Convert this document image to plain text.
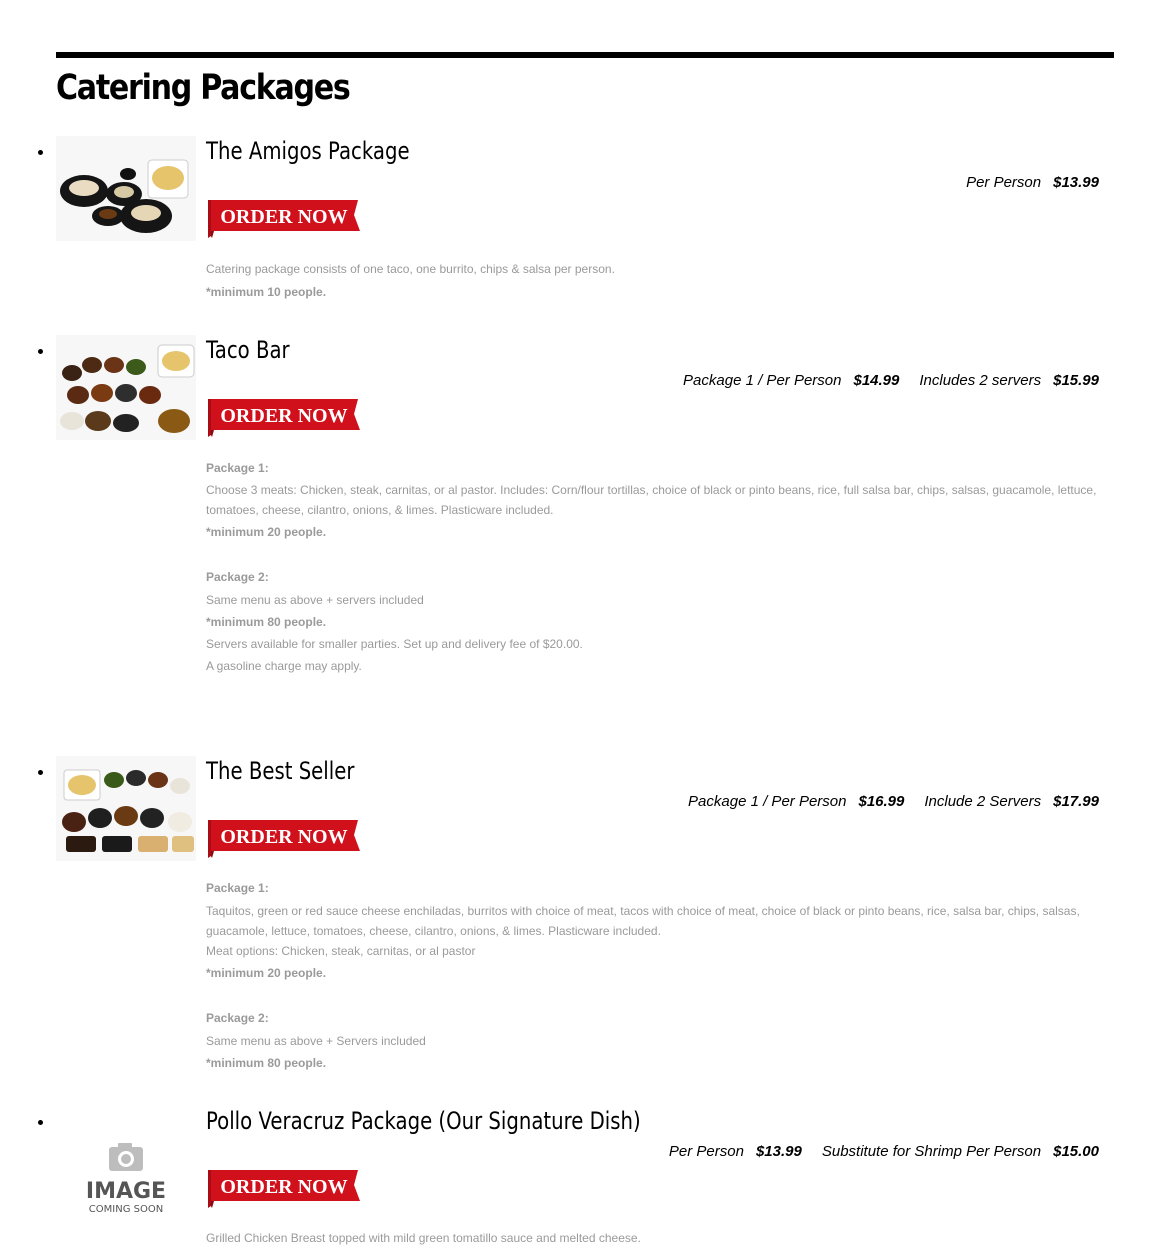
Catering Packages
The Amigos Package
Per Person $13.99
ORDER NOW

Catering package consists of one taco, one burrito, chips & salsa per person.

*minimum 10 people.

Taco Bar
Package 1 / Per Person $14.99 Includes 2 servers $15.99
ORDER NOW

Package 1:

Choose 3 meats: Chicken, steak, carnitas, or al pastor. Includes: Corn/flour tortillas, choice of black or pinto beans, rice, full salsa bar, chips, salsas, guacamole, lettuce, tomatoes, cheese, cilantro, onions, & limes. Plasticware included.

*minimum 20 people.

Package 2:

Same menu as above + servers included

*minimum 80 people.

Servers available for smaller parties. Set up and delivery fee of $20.00.

A gasoline charge may apply.

The Best Seller
Package 1 / Per Person $16.99 Include 2 Servers $17.99
ORDER NOW

Package 1:

Taquitos, green or red sauce cheese enchiladas, burritos with choice of meat, tacos with choice of meat, choice of black or pinto beans, rice, salsa bar, chips, salsas, guacamole, lettuce, tomatoes, cheese, cilantro, onions, & limes. Plasticware included.

Meat options: Chicken, steak, carnitas, or al pastor

*minimum 20 people.

Package 2:

Same menu as above + Servers included

*minimum 80 people.

IMAGE
COMING SOON
Pollo Veracruz Package (Our Signature Dish)
Per Person $13.99 Substitute for Shrimp Per Person $15.00
ORDER NOW

Grilled Chicken Breast topped with mild green tomatillo sauce and melted cheese.
